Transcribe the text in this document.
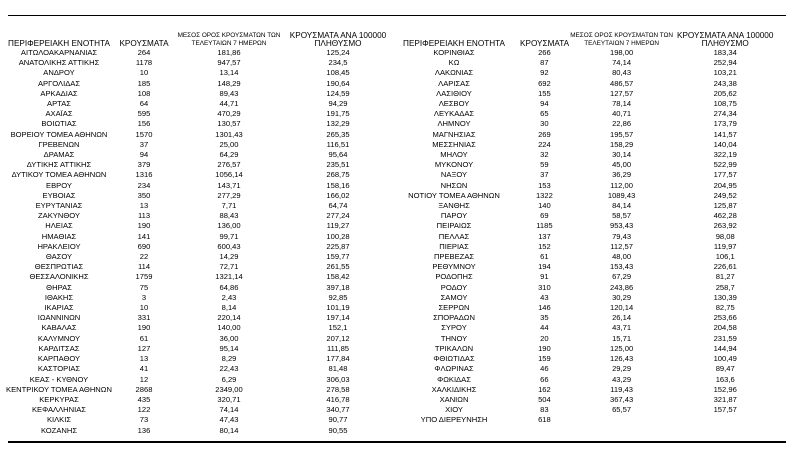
ΠΕΡΙΦΕΡΕΙΑΚΗ ΕΝΟΤΗΤΑ	ΚΡΟΥΣΜΑΤΑ	ΜΕΣΟΣ ΟΡΟΣ ΚΡΟΥΣΜΑΤΩΝ ΤΩΝ ΤΕΛΕΥΤΑΙΩΝ 7 ΗΜΕΡΩΝ	ΚΡΟΥΣΜΑΤΑ ΑΝΑ 100000 ΠΛΗΘΥΣΜΟ
ΑΙΤΩΛΟΑΚΑΡΝΑΝΙΑΣ	264	181,86	125,24
ΑΝΑΤΟΛΙΚΗΣ ΑΤΤΙΚΗΣ	1178	947,57	234,5
ΑΝΔΡΟΥ	10	13,14	108,45
ΑΡΓΟΛΙΔΑΣ	185	148,29	190,64
ΑΡΚΑΔΙΑΣ	108	89,43	124,59
ΑΡΤΑΣ	64	44,71	94,29
ΑΧΑΪΑΣ	595	470,29	191,75
ΒΟΙΩΤΙΑΣ	156	130,57	132,29
ΒΟΡΕΙΟΥ ΤΟΜΕΑ ΑΘΗΝΩΝ	1570	1301,43	265,35
ΓΡΕΒΕΝΩΝ	37	25,00	116,51
ΔΡΑΜΑΣ	94	64,29	95,64
ΔΥΤΙΚΗΣ ΑΤΤΙΚΗΣ	379	276,57	235,51
ΔΥΤΙΚΟΥ ΤΟΜΕΑ ΑΘΗΝΩΝ	1316	1056,14	268,75
ΕΒΡΟΥ	234	143,71	158,16
ΕΥΒΟΙΑΣ	350	277,29	166,02
ΕΥΡΥΤΑΝΙΑΣ	13	7,71	64,74
ΖΑΚΥΝΘΟΥ	113	88,43	277,24
ΗΛΕΙΑΣ	190	136,00	119,27
ΗΜΑΘΙΑΣ	141	99,71	100,28
ΗΡΑΚΛΕΙΟΥ	690	600,43	225,87
ΘΑΣΟΥ	22	14,29	159,77
ΘΕΣΠΡΩΤΙΑΣ	114	72,71	261,55
ΘΕΣΣΑΛΟΝΙΚΗΣ	1759	1321,14	158,42
ΘΗΡΑΣ	75	64,86	397,18
ΙΘΑΚΗΣ	3	2,43	92,85
ΙΚΑΡΙΑΣ	10	8,14	101,19
ΙΩΑΝΝΙΝΩΝ	331	220,14	197,14
ΚΑΒΑΛΑΣ	190	140,00	152,1
ΚΑΛΥΜΝΟΥ	61	36,00	207,12
ΚΑΡΔΙΤΣΑΣ	127	95,14	111,85
ΚΑΡΠΑΘΟΥ	13	8,29	177,84
ΚΑΣΤΟΡΙΑΣ	41	22,43	81,48
ΚΕΑΣ - ΚΥΘΝΟΥ	12	6,29	306,03
ΚΕΝΤΡΙΚΟΥ ΤΟΜΕΑ ΑΘΗΝΩΝ	2868	2349,00	278,58
ΚΕΡΚΥΡΑΣ	435	320,71	416,78
ΚΕΦΑΛΛΗΝΙΑΣ	122	74,14	340,77
ΚΙΛΚΙΣ	73	47,43	90,77
ΚΟΖΑΝΗΣ	136	80,14	90,55
ΠΕΡΙΦΕΡΕΙΑΚΗ ΕΝΟΤΗΤΑ	ΚΡΟΥΣΜΑΤΑ	ΜΕΣΟΣ ΟΡΟΣ ΚΡΟΥΣΜΑΤΩΝ ΤΩΝ ΤΕΛΕΥΤΑΙΩΝ 7 ΗΜΕΡΩΝ	ΚΡΟΥΣΜΑΤΑ ΑΝΑ 100000 ΠΛΗΘΥΣΜΟ
ΚΟΡΙΝΘΙΑΣ	266	198,00	183,34
ΚΩ	87	74,14	252,94
ΛΑΚΩΝΙΑΣ	92	80,43	103,21
ΛΑΡΙΣΑΣ	692	486,57	243,38
ΛΑΣΙΘΙΟΥ	155	127,57	205,62
ΛΕΣΒΟΥ	94	78,14	108,75
ΛΕΥΚΑΔΑΣ	65	40,71	274,34
ΛΗΜΝΟΥ	30	22,86	173,79
ΜΑΓΝΗΣΙΑΣ	269	195,57	141,57
ΜΕΣΣΗΝΙΑΣ	224	158,29	140,04
ΜΗΛΟΥ	32	30,14	322,19
ΜΥΚΟΝΟΥ	59	45,00	522,99
ΝΑΞΟΥ	37	36,29	177,57
ΝΗΣΩΝ	153	112,00	204,95
ΝΟΤΙΟΥ ΤΟΜΕΑ ΑΘΗΝΩΝ	1322	1089,43	249,52
ΞΑΝΘΗΣ	140	84,14	125,87
ΠΑΡΟΥ	69	58,57	462,28
ΠΕΙΡΑΙΩΣ	1185	953,43	263,92
ΠΕΛΛΑΣ	137	79,43	98,08
ΠΙΕΡΙΑΣ	152	112,57	119,97
ΠΡΕΒΕΖΑΣ	61	48,00	106,1
ΡΕΘΥΜΝΟΥ	194	153,43	226,61
ΡΟΔΟΠΗΣ	91	67,29	81,27
ΡΟΔΟΥ	310	243,86	258,7
ΣΑΜΟΥ	43	30,29	130,39
ΣΕΡΡΩΝ	146	120,14	82,75
ΣΠΟΡΑΔΩΝ	35	26,14	253,66
ΣΥΡΟΥ	44	43,71	204,58
ΤΗΝΟΥ	20	15,71	231,59
ΤΡΙΚΑΛΩΝ	190	125,00	144,94
ΦΘΙΩΤΙΔΑΣ	159	126,43	100,49
ΦΛΩΡΙΝΑΣ	46	29,29	89,47
ΦΩΚΙΔΑΣ	66	43,29	163,6
ΧΑΛΚΙΔΙΚΗΣ	162	119,43	152,96
ΧΑΝΙΩΝ	504	367,43	321,87
ΧΙΟΥ	83	65,57	157,57
ΥΠΟ ΔΙΕΡΕΥΝΗΣΗ	618		
